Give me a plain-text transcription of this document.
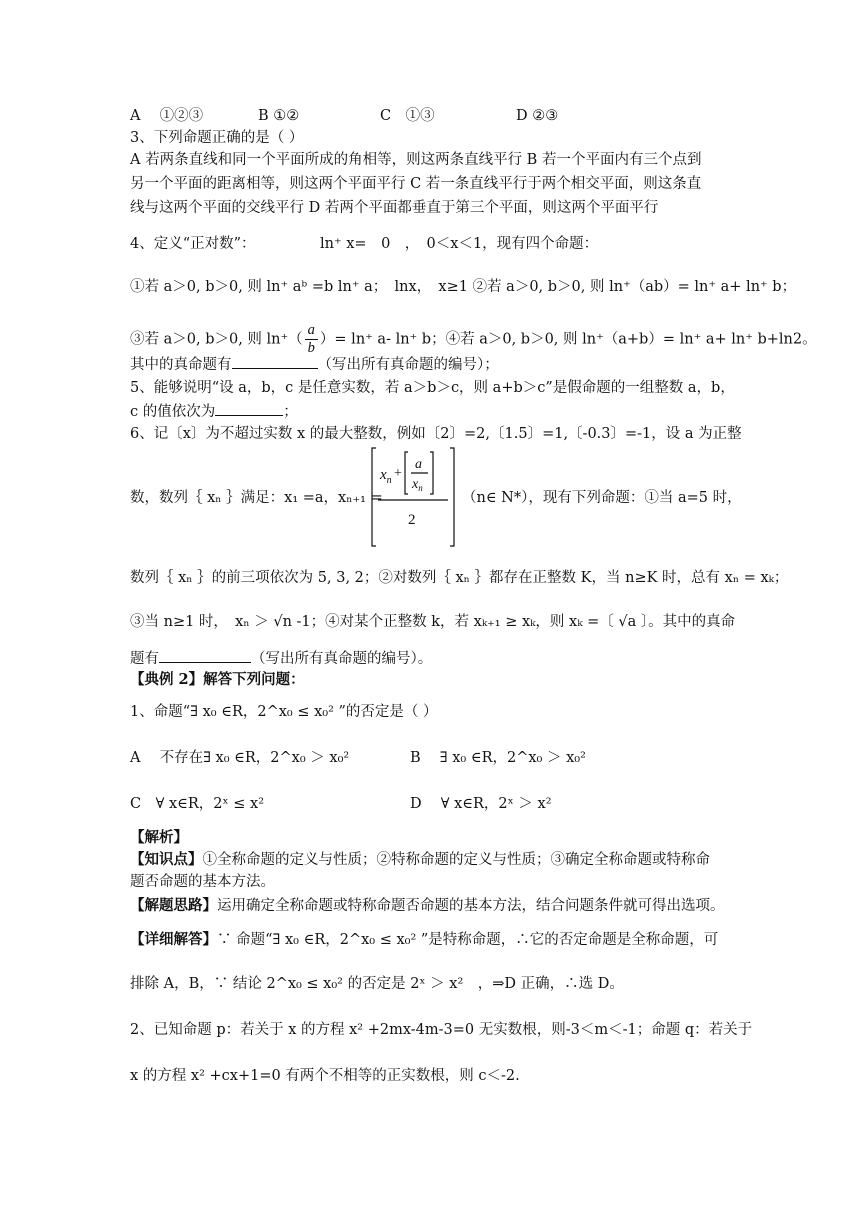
A　 ①②③	B ①②	C　①③	D ②③
3、下列命题正确的是（ ）
A 若两条直线和同一个平面所成的角相等，则这两条直线平行 B 若一个平面内有三个点到
另一个平面的距离相等，则这两个平面平行 C 若一条直线平行于两个相交平面，则这条直
线与这两个平面的交线平行 D 若两个平面都垂直于第三个平面，则这两个平面平行
4、定义“正对数”：	ln⁺ x=　0　，　0＜x＜1，现有四个命题：
①若 a＞0, b＞0, 则 ln⁺ aᵇ =b ln⁺ a；　lnx，　x≥1 ②若 a＞0, b＞0, 则 ln⁺（ab）= ln⁺ a+ ln⁺ b；
③若 a＞0, b＞0, 则 $\ln^+( \frac{a}{b}$ ）= ln⁺ a- ln⁺ b；④若 a＞0, b＞0, 则 ln⁺（a+b）= ln⁺ a+ ln⁺ b+ln2。
其中的真命题有	（写出所有真命题的编号）；
5、能够说明“设 a，b，c 是任意实数，若 a＞b＞c，则 a+b＞c”是假命题的一组整数 a，b，
c 的值依次为	；
6、记〔x〕为不超过实数 x 的最大整数，例如〔2〕=2,〔1.5〕=1,〔-0.3〕=-1，设 a 为正整
数，数列｛ xₙ ｝满足：x₁ =a，xₙ₊₁ =
$x_n$ +
a
$x_n$
2
（n∈ N*），现有下列命题：①当 a=5 时，
数列｛ xₙ ｝的前三项依次为 5, 3, 2；②对数列｛ xₙ ｝都存在正整数 K，当 n≥K 时，总有 xₙ = xₖ；
③当 n≥1 时，　xₙ ＞ √n -1；④对某个正整数 k，若 xₖ₊₁ ≥ xₖ，则 xₖ =〔 √a 〕。其中的真命
题有	（写出所有真命题的编号）。
【典例 2】解答下列问题：
1、命题“∃ x₀ ∈R，2^x₀ ≤ x₀² ”的否定是（ ）
A　 不存在∃ x₀ ∈R，2^x₀ ＞ x₀²	B　 ∃ x₀ ∈R，2^x₀ ＞ x₀²
C　∀ x∈R，2ˣ ≤ x²	D　 ∀ x∈R，2ˣ ＞ x²
【解析】
【知识点】①全称命题的定义与性质；②特称命题的定义与性质；③确定全称命题或特称命
题否命题的基本方法。
【解题思路】运用确定全称命题或特称命题否命题的基本方法，结合问题条件就可得出选项。
【详细解答】∵ 命题“∃ x₀ ∈R，2^x₀ ≤ x₀² ”是特称命题，∴它的否定命题是全称命题，可
排除 A，B，∵ 结论 2^x₀ ≤ x₀² 的否定是 2ˣ ＞ x²　，⇒D 正确，∴选 D。
2、已知命题 p：若关于 x 的方程 x² +2mx-4m-3=0 无实数根，则-3＜m＜-1；命题 q：若关于
x 的方程 x² +cx+1=0 有两个不相等的正实数根，则 c＜-2.
